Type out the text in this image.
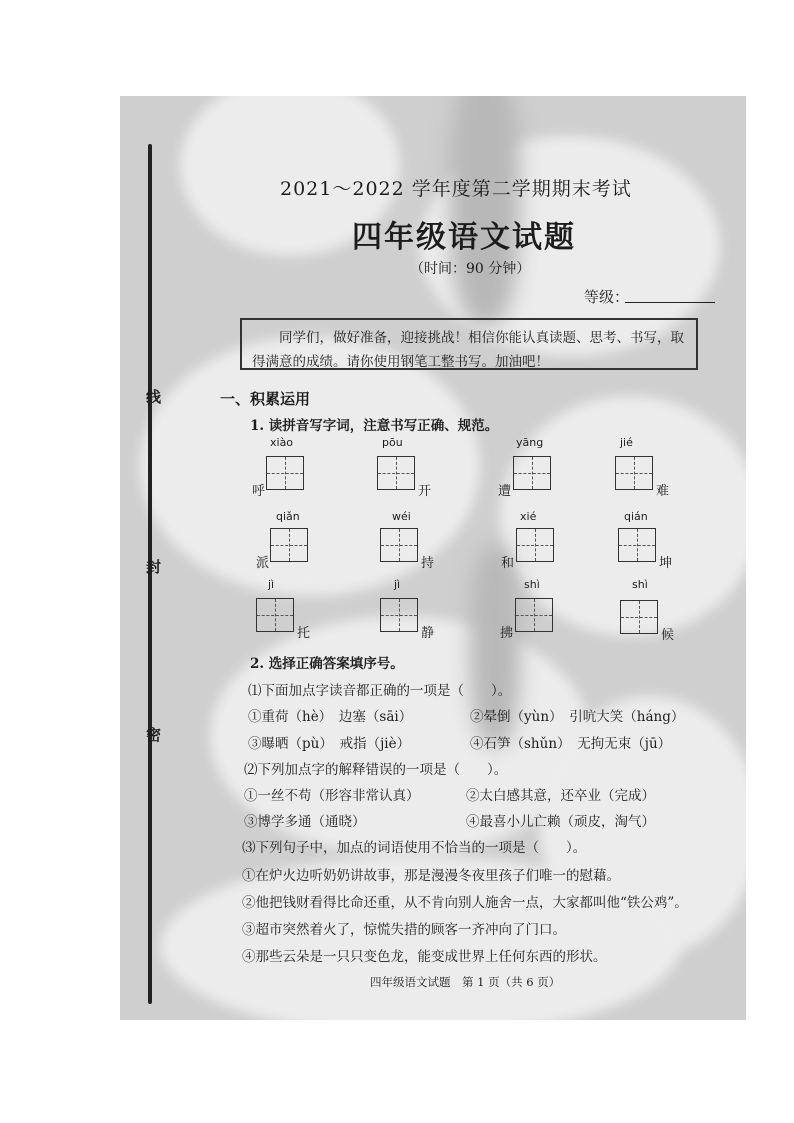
线
封
密
2021～2022 学年度第二学期期末考试
四年级语文试题
（时间：90 分钟）
等级：
同学们，做好准备，迎接挑战！相信你能认真读题、思考、书写，取得满意的成绩。请你使用钢笔工整书写。加油吧！
一、积累运用
1. 读拼音写字词，注意书写正确、规范。
xiào
呼
pōu
开
yāng
遭
jié
难
qiǎn
派
wéi
持
xié
和
qián
坤
jì
托
jì
静
shì
拂
shì
候
2. 选择正确答案填序号。
⑴下面加点字读音都正确的一项是（　　）。
①重荷（hè）　边塞（sāi）	②晕倒（yùn）　引吭大笑（háng）
③曝晒（pù）　戒指（jiè）	④石笋（shǔn）　无拘无束（jū）
⑵下列加点字的解释错误的一项是（　　）。
①一丝不苟（形容非常认真）	②太白感其意，还卒业（完成）
③博学多通（通晓）	④最喜小儿亡赖（顽皮，淘气）
⑶下列句子中，加点的词语使用不恰当的一项是（　　）。
①在炉火边听奶奶讲故事，那是漫漫冬夜里孩子们唯一的慰藉。
②他把钱财看得比命还重，从不肯向别人施舍一点，大家都叫他“铁公鸡”。
③超市突然着火了，惊慌失措的顾客一齐冲向了门口。
④那些云朵是一只只变色龙，能变成世界上任何东西的形状。
四年级语文试题　第 1 页（共 6 页）
